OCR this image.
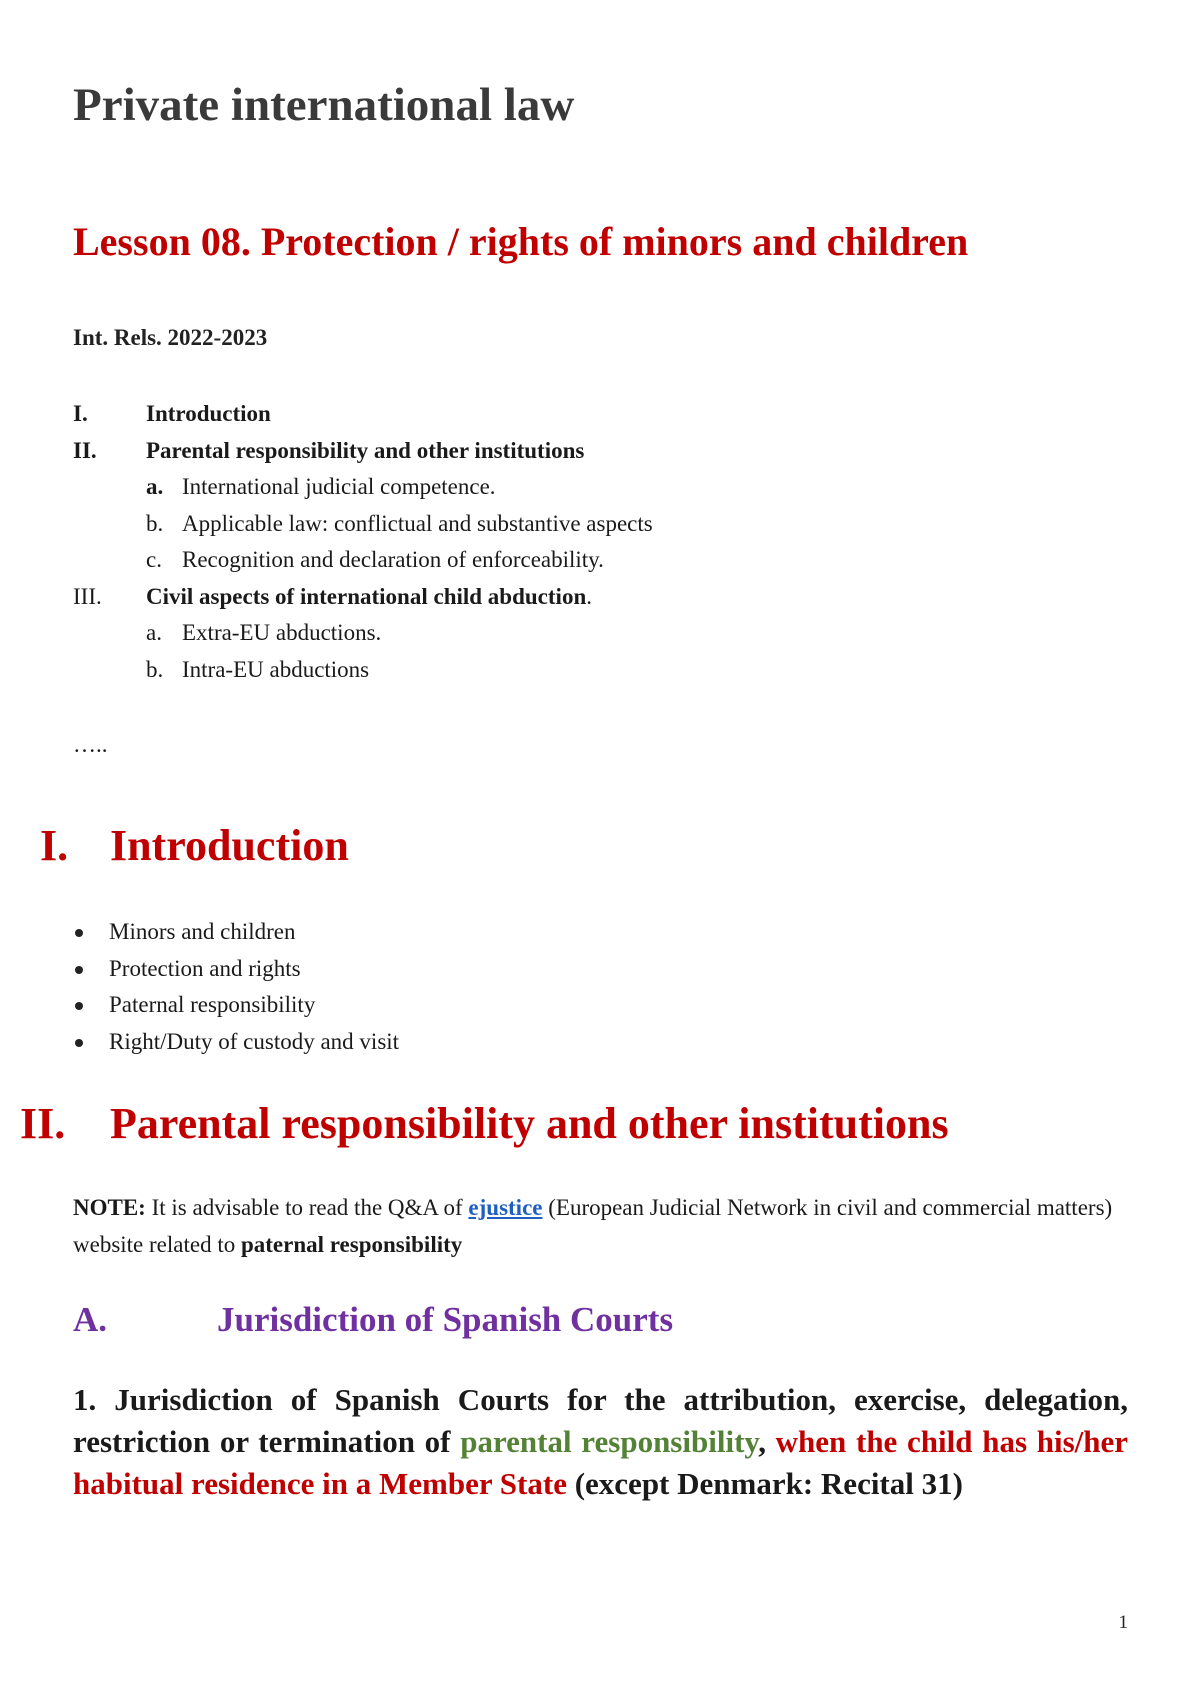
Private international law
Lesson 08. Protection / rights of minors and children
Int. Rels. 2022-2023
I.	Introduction
II. Parental responsibility and other institutions
a. International judicial competence.
b. Applicable law: conflictual and substantive aspects
c. Recognition and declaration of enforceability.
III. Civil aspects of international child abduction.
a. Extra-EU abductions.
b. Intra-EU abductions
…..
I. Introduction
Minors and children
Protection and rights
Paternal responsibility
Right/Duty of custody and visit
II. Parental responsibility and other institutions
NOTE: It is advisable to read the Q&A of ejustice (European Judicial Network in civil and commercial matters) website related to paternal responsibility
A.	Jurisdiction of Spanish Courts
1. Jurisdiction of Spanish Courts for the attribution, exercise, delegation, restriction or termination of parental responsibility, when the child has his/her habitual residence in a Member State (except Denmark: Recital 31)
1
